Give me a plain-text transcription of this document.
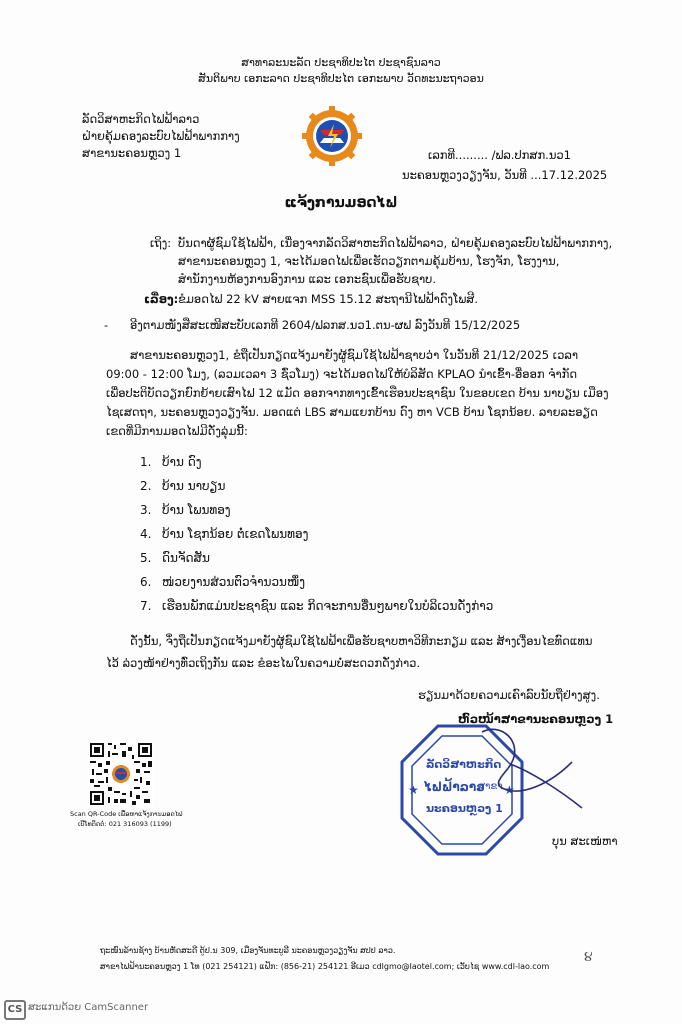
ສາທາລະນະລັດ ປະຊາທິປະໄຕ ປະຊາຊົນລາວ
ສັນຕິພາບ ເອກະລາດ ປະຊາທິປະໄຕ ເອກະພາບ ວັດທະນະຖາວອນ
ລັດວິສາຫະກິດໄຟຟ້າລາວ
ຝ່າຍຄຸ້ມຄອງລະບົບໄຟຟ້າພາກກາງ
ສາຂານະຄອນຫຼວງ 1	ເລກທີ......... /ຟລ.ປກສກ.ນວ1
ນະຄອນຫຼວງວຽງຈັນ, ວັນທີ ...17.12.2025
ແຈ້ງການມອດໄຟ
ເຖິງ: ບັນດາຜູ້ຊົມໃຊ້ໄຟຟ້າ, ເນື່ອງຈາກລັດວິສາຫະກິດໄຟຟ້າລາວ, ຝ່າຍຄຸ້ມຄອງລະບົບໄຟຟ້າພາກກາງ,
ສາຂານະຄອນຫຼວງ 1, ຈະໄດ້ມອດໄຟເພື່ອເຮັດວຽກຕາມຄຸ້ມບ້ານ, ໂຮງຈັກ, ໂຮງງານ,
ສຳນັກງານຫ້ອງການອົງການ ແລະ ເອກະຊົນເພື່ອຮັບຊາບ.
ເລື່ອງ: ຂໍມອດໄຟ 22 kV ສາຍແຈກ MSS 15.12 ສະຖານີໄຟຟ້າດົງໂພສີ.
- ອີງຕາມໜັງສືສະເໜີສະບັບເລກທີ 2604/ຟລກສ.ນວ1.ຕນ-ຜຟ ລົງວັນທີ 15/12/2025
ສາຂານະຄອນຫຼວງ1, ຂໍຖືເປັນກຽດແຈ້ງມາຍັງຜູ້ຊົມໃຊ້ໄຟຟ້າຊາບວ່າ ໃນວັນທີ 21/12/2025 ເວລາ
09:00 - 12:00 ໂມງ, (ລວມເວລາ 3 ຊົ່ວໂມງ) ຈະໄດ້ມອດໄຟໃຫ້ບໍລິສັດ KPLAO ນຳເຂົ້າ-ອື່ອອກ ຈຳກັດ
ເພື່ອປະຕິບັດວຽກຍົກຍ້າຍເສົາໄຟ 12 ແມັດ ອອກຈາກທາງເຂົ້າເຮືອນປະຊາຊົນ ໃນຂອບເຂດ ບ້ານ ນາບຽນ ເມືອງ
ໄຊເສດຖາ, ນະຄອນຫຼວງວຽງຈັນ. ມອດແຕ່ LBS ສາມແຍກບ້ານ ດົງ ຫາ VCB ບ້ານ ໂຊກນ້ອຍ. ລາຍລະອຽດ
ເຂດທີ່ມີການມອດໄຟມີດັ່ງລຸ່ມນີ້:
1. ບ້ານ ດົງ
2. ບ້ານ ນາບຽນ
3. ບ້ານ ໂພນທອງ
4. ບ້ານ ໂຊກນ້ອຍ ຕໍ່ເຂດໂພນທອງ
5. ດົນຈັດສັນ
6. ໜ່ວຍງານສ່ວນຕົວຈຳນວນໜຶ່ງ
7. ເຮືອນພັກແມ່ນປະຊາຊົນ ແລະ ກິດຈະການອື່ນໆພາຍໃນບໍລິເວນດັ່ງກ່າວ
ດັ່ງນັ້ນ, ຈຶ່ງຖືເປັນກຽດແຈ້ງມາຍັງຜູ້ຊົມໃຊ້ໄຟຟ້າເພື່ອຮັບຊາບຫາວິທີກະກຽມ ແລະ ສ້າງເງື່ອນໄຂທົດແທນ
ໄວ້ ລ່ວງໜ້າຢ່າງທົ່ວເຖິງກັນ ແລະ ຂໍອະໄພໃນຄວາມບໍ່ສະດວກດັ່ງກ່າວ.
ຮຽນມາດ້ວຍຄວາມເຄົາລົບນັບຖືຢ່າງສູງ.
ຫົວໜ້າສາຂານະຄອນຫຼວງ 1
★	★
ລັດວິສາຫະກິດ
ໄຟຟ້າລາວ
ສາຂາ
ນະຄອນຫຼວງ 1
ບຸນ ສະເໜ່ຫາ
Scan QR-Code ເພື່ອຫາແຈ້ງການມອດໄຟ
ເບີໂທຕິດຕໍ່: 021 316093 (1199)
ຖະໜົນລ້ານຊ້າງ ບ້ານຫັດສະດີ ຕູ້ປ.ນ 309, ເມືອງຈັນທະບູລີ ນະຄອນຫຼວງວຽງຈັນ ສປປ ລາວ.
ສາຂາໄຟຟ້ານະຄອນຫຼວງ 1 ໂທ (021 254121) ແຟັກ: (856-21) 254121 ອີເມວ cdlgmo@laotel.com; ເວັບໄຊ www.cdl-lao.com
૪
CS ສະແກນດ້ວຍ CamScanner
